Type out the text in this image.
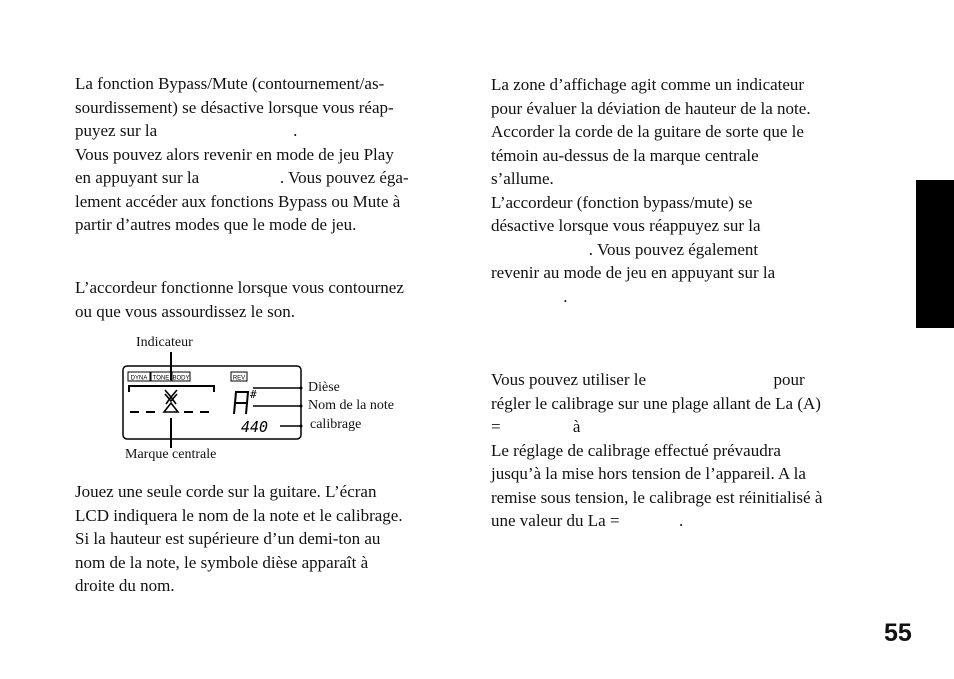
La fonction Bypass/Mute (contournement/as-
sourdissement) se désactive lorsque vous réap-
puyez sur la                                .
Vous pouvez alors revenir en mode de jeu Play
en appuyant sur la                   . Vous pouvez éga-
lement accéder aux fonctions Bypass ou Mute à
partir d’autres modes que le mode de jeu.
L’accordeur fonctionne lorsque vous contournez
ou que vous assourdissez le son.
Jouez une seule corde sur la guitare. L’écran
LCD indiquera le nom de la note et le calibrage.
Si la hauteur est supérieure d’un demi-ton au
nom de la note, le symbole dièse apparaît à
droite du nom.
DYNA TONE BODY	REV
#
440
Indicateur
Marque centrale
Dièse
Nom de la note
calibrage
La zone d’affichage agit comme un indicateur
pour évaluer la déviation de hauteur de la note.
Accorder la corde de la guitare de sorte que le
témoin au-dessus de la marque centrale
s’allume.
L’accordeur (fonction bypass/mute) se
désactive lorsque vous réappuyez sur la
. Vous pouvez également
revenir au mode de jeu en appuyant sur la
.
Vous pouvez utiliser le                              pour
régler le calibrage sur une plage allant de La (A)
=                 à
Le réglage de calibrage effectué prévaudra
jusqu’à la mise hors tension de l’appareil. A la
remise sous tension, le calibrage est réinitialisé à
une valeur du La =              .
55
